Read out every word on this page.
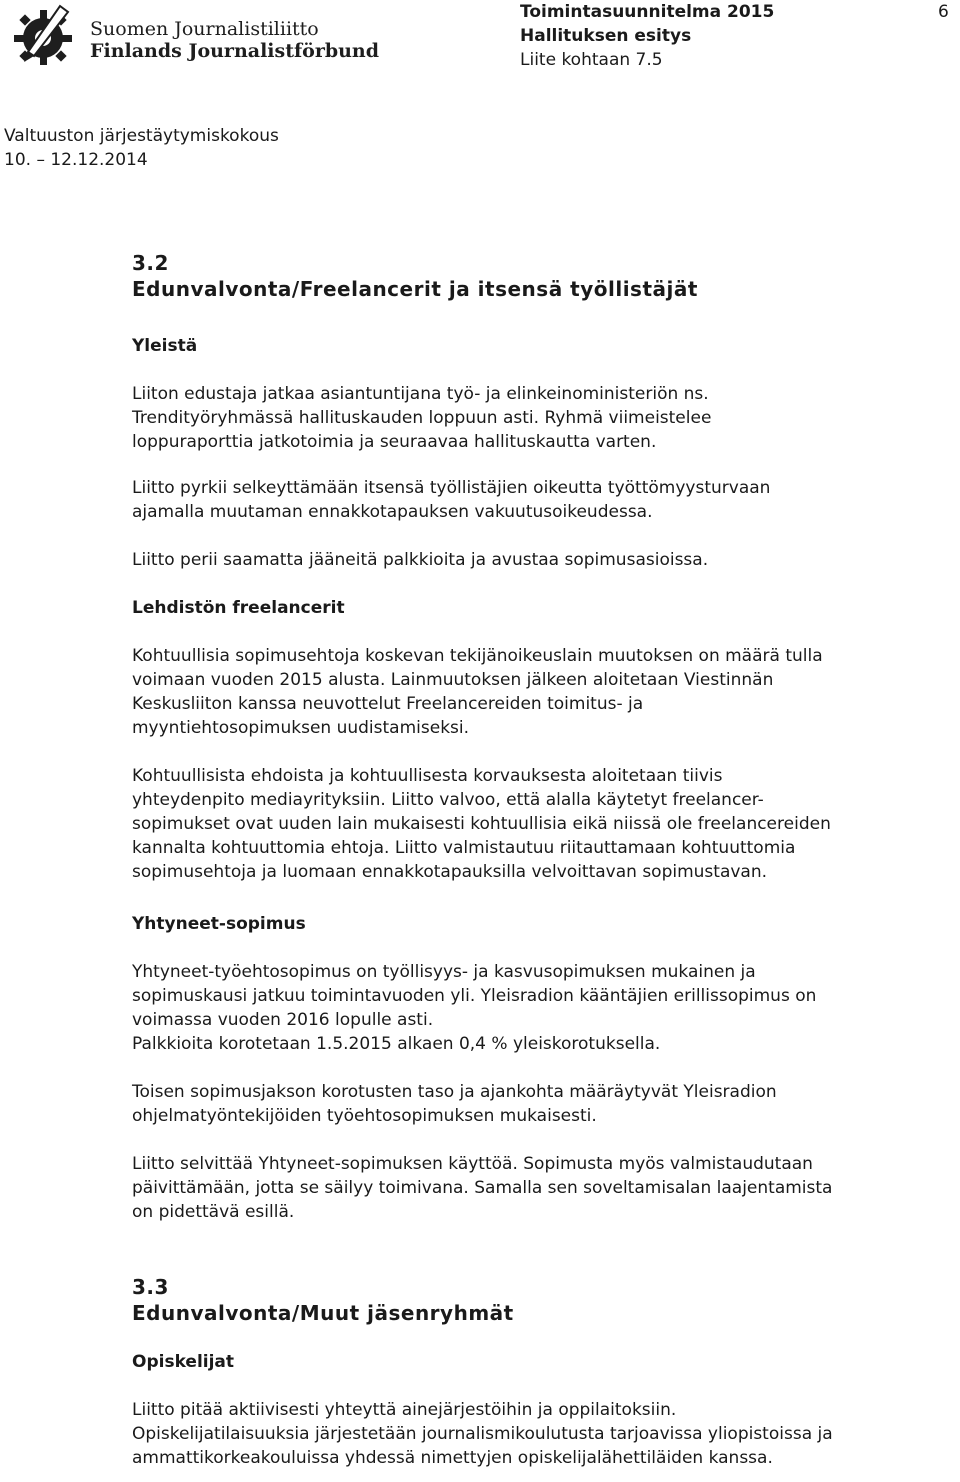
Suomen Journalistiliitto
Finlands Journalistförbund
Toimintasuunnitelma 2015
Hallituksen esitys
Liite kohtaan 7.5
6
Valtuuston järjestäytymiskokous
10. – 12.12.2014
3.2
Edunvalvonta/Freelancerit ja itsensä työllistäjät
Yleistä

Liiton edustaja jatkaa asiantuntijana työ- ja elinkeinoministeriön ns.
Trendityöryhmässä hallituskauden loppuun asti. Ryhmä viimeistelee
loppuraporttia jatkotoimia ja seuraavaa hallituskautta varten.

Liitto pyrkii selkeyttämään itsensä työllistäjien oikeutta työttömyysturvaan
ajamalla muutaman ennakkotapauksen vakuutusoikeudessa.

Liitto perii saamatta jääneitä palkkioita ja avustaa sopimusasioissa.

Lehdistön freelancerit

Kohtuullisia sopimusehtoja koskevan tekijänoikeuslain muutoksen on määrä tulla
voimaan vuoden 2015 alusta. Lainmuutoksen jälkeen aloitetaan Viestinnän
Keskusliiton kanssa neuvottelut Freelancereiden toimitus- ja
myyntiehtosopimuksen uudistamiseksi.

Kohtuullisista ehdoista ja kohtuullisesta korvauksesta aloitetaan tiivis
yhteydenpito mediayrityksiin. Liitto valvoo, että alalla käytetyt freelancer-
sopimukset ovat uuden lain mukaisesti kohtuullisia eikä niissä ole freelancereiden
kannalta kohtuuttomia ehtoja. Liitto valmistautuu riitauttamaan kohtuuttomia
sopimusehtoja ja luomaan ennakkotapauksilla velvoittavan sopimustavan.

Yhtyneet-sopimus

Yhtyneet-työehtosopimus on työllisyys- ja kasvusopimuksen mukainen ja
sopimuskausi jatkuu toimintavuoden yli. Yleisradion kääntäjien erillissopimus on
voimassa vuoden 2016 lopulle asti.
Palkkioita korotetaan 1.5.2015 alkaen 0,4 % yleiskorotuksella.

Toisen sopimusjakson korotusten taso ja ajankohta määräytyvät Yleisradion
ohjelmatyöntekijöiden työehtosopimuksen mukaisesti.

Liitto selvittää Yhtyneet-sopimuksen käyttöä. Sopimusta myös valmistaudutaan
päivittämään, jotta se säilyy toimivana. Samalla sen soveltamisalan laajentamista
on pidettävä esillä.

3.3
Edunvalvonta/Muut jäsenryhmät
Opiskelijat

Liitto pitää aktiivisesti yhteyttä ainejärjestöihin ja oppilaitoksiin.
Opiskelijatilaisuuksia järjestetään journalismikoulutusta tarjoavissa yliopistoissa ja
ammattikorkeakouluissa yhdessä nimettyjen opiskelijalähettiläiden kanssa.
